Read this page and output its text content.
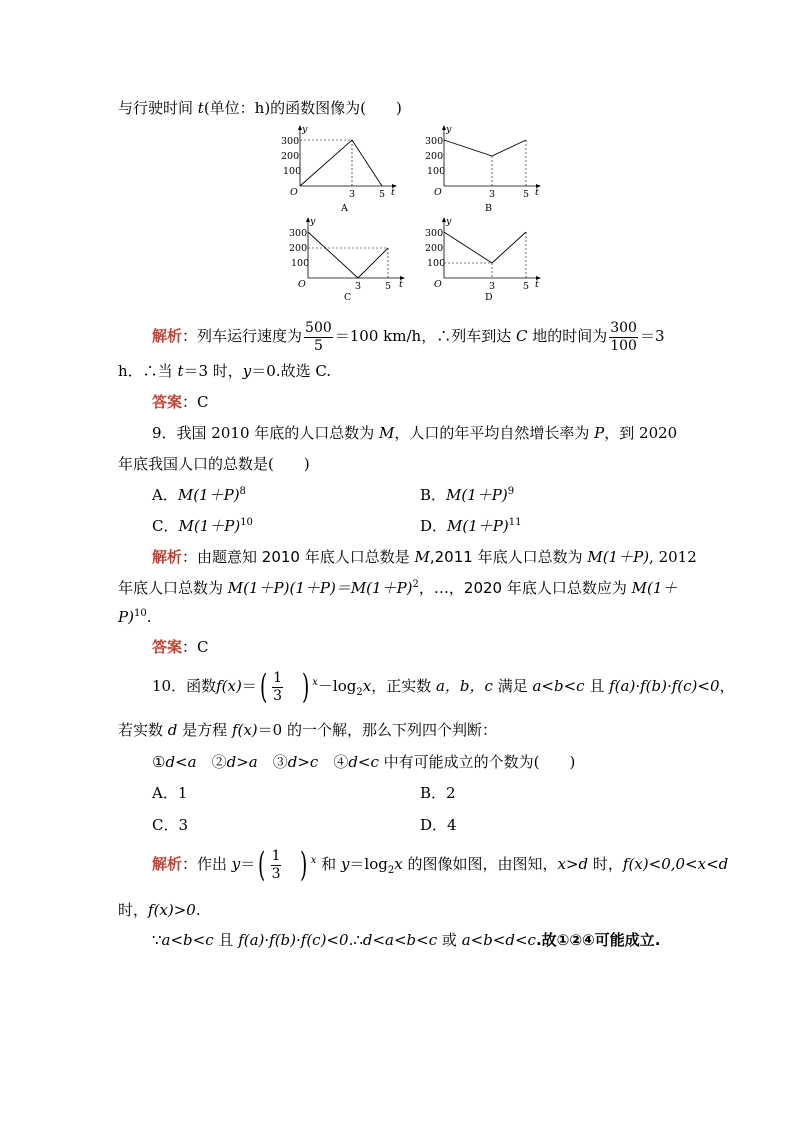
与行驶时间 t(单位：h)的函数图像为(　　)
y
300
200
100
O	3	5 t
A
y
300
200
100
O	3	5 t
B
y
300
200
100
O	3	5 t
C
y
300
200
100
O	3	5 t
D
解析：列车运行速度为 $\frac{500}{5} =100$ km/h，∴列车到达 C 地的时间为 $\frac{300}{100} =3$
h．∴当 t＝3 时，y＝0.故选 C.
答案：C
9．我国 2010 年底的人口总数为 M，人口的年平均自然增长率为 P，到 2020
年底我国人口的总数是(　　)
A．$M(1+P)^8$	B．$M(1+P)^9$
C．$M(1+P)^{10}$	D．$M(1+P)^{11}$
解析：由题意知 2010 年底人口总数是 M,2011 年底人口总数为 M(1＋P), 2012
年底人口总数为 $M(1+P)(1+P)=M(1+P)^2$，…，2020 年底人口总数应为 M(1＋
P)$^{10}$.
答案：C
10．函数$f(x)=( \frac{1}{3}$ ) $^x-\log_2x$，正实数 a，b，c 满足 a<b<c 且 f(a)·f(b)·f(c)<0，
若实数 d 是方程 f(x)＝0 的一个解，那么下列四个判断：
①d<a　②d>a　③d>c　④d<c 中有可能成立的个数为(　　)
A．1	B．2
C．3	D．4
解析：作出 $y=( \frac{1}{3}$ ) $^x$ 和 $y=\log_2x$ 的图像如图，由图知，x>d 时，f(x)<0,0<x<d
时，f(x)>0.
∵a<b<c 且 f(a)·f(b)·f(c)<0.∴d<a<b<c 或 a<b<d<c.故①②④可能成立.
